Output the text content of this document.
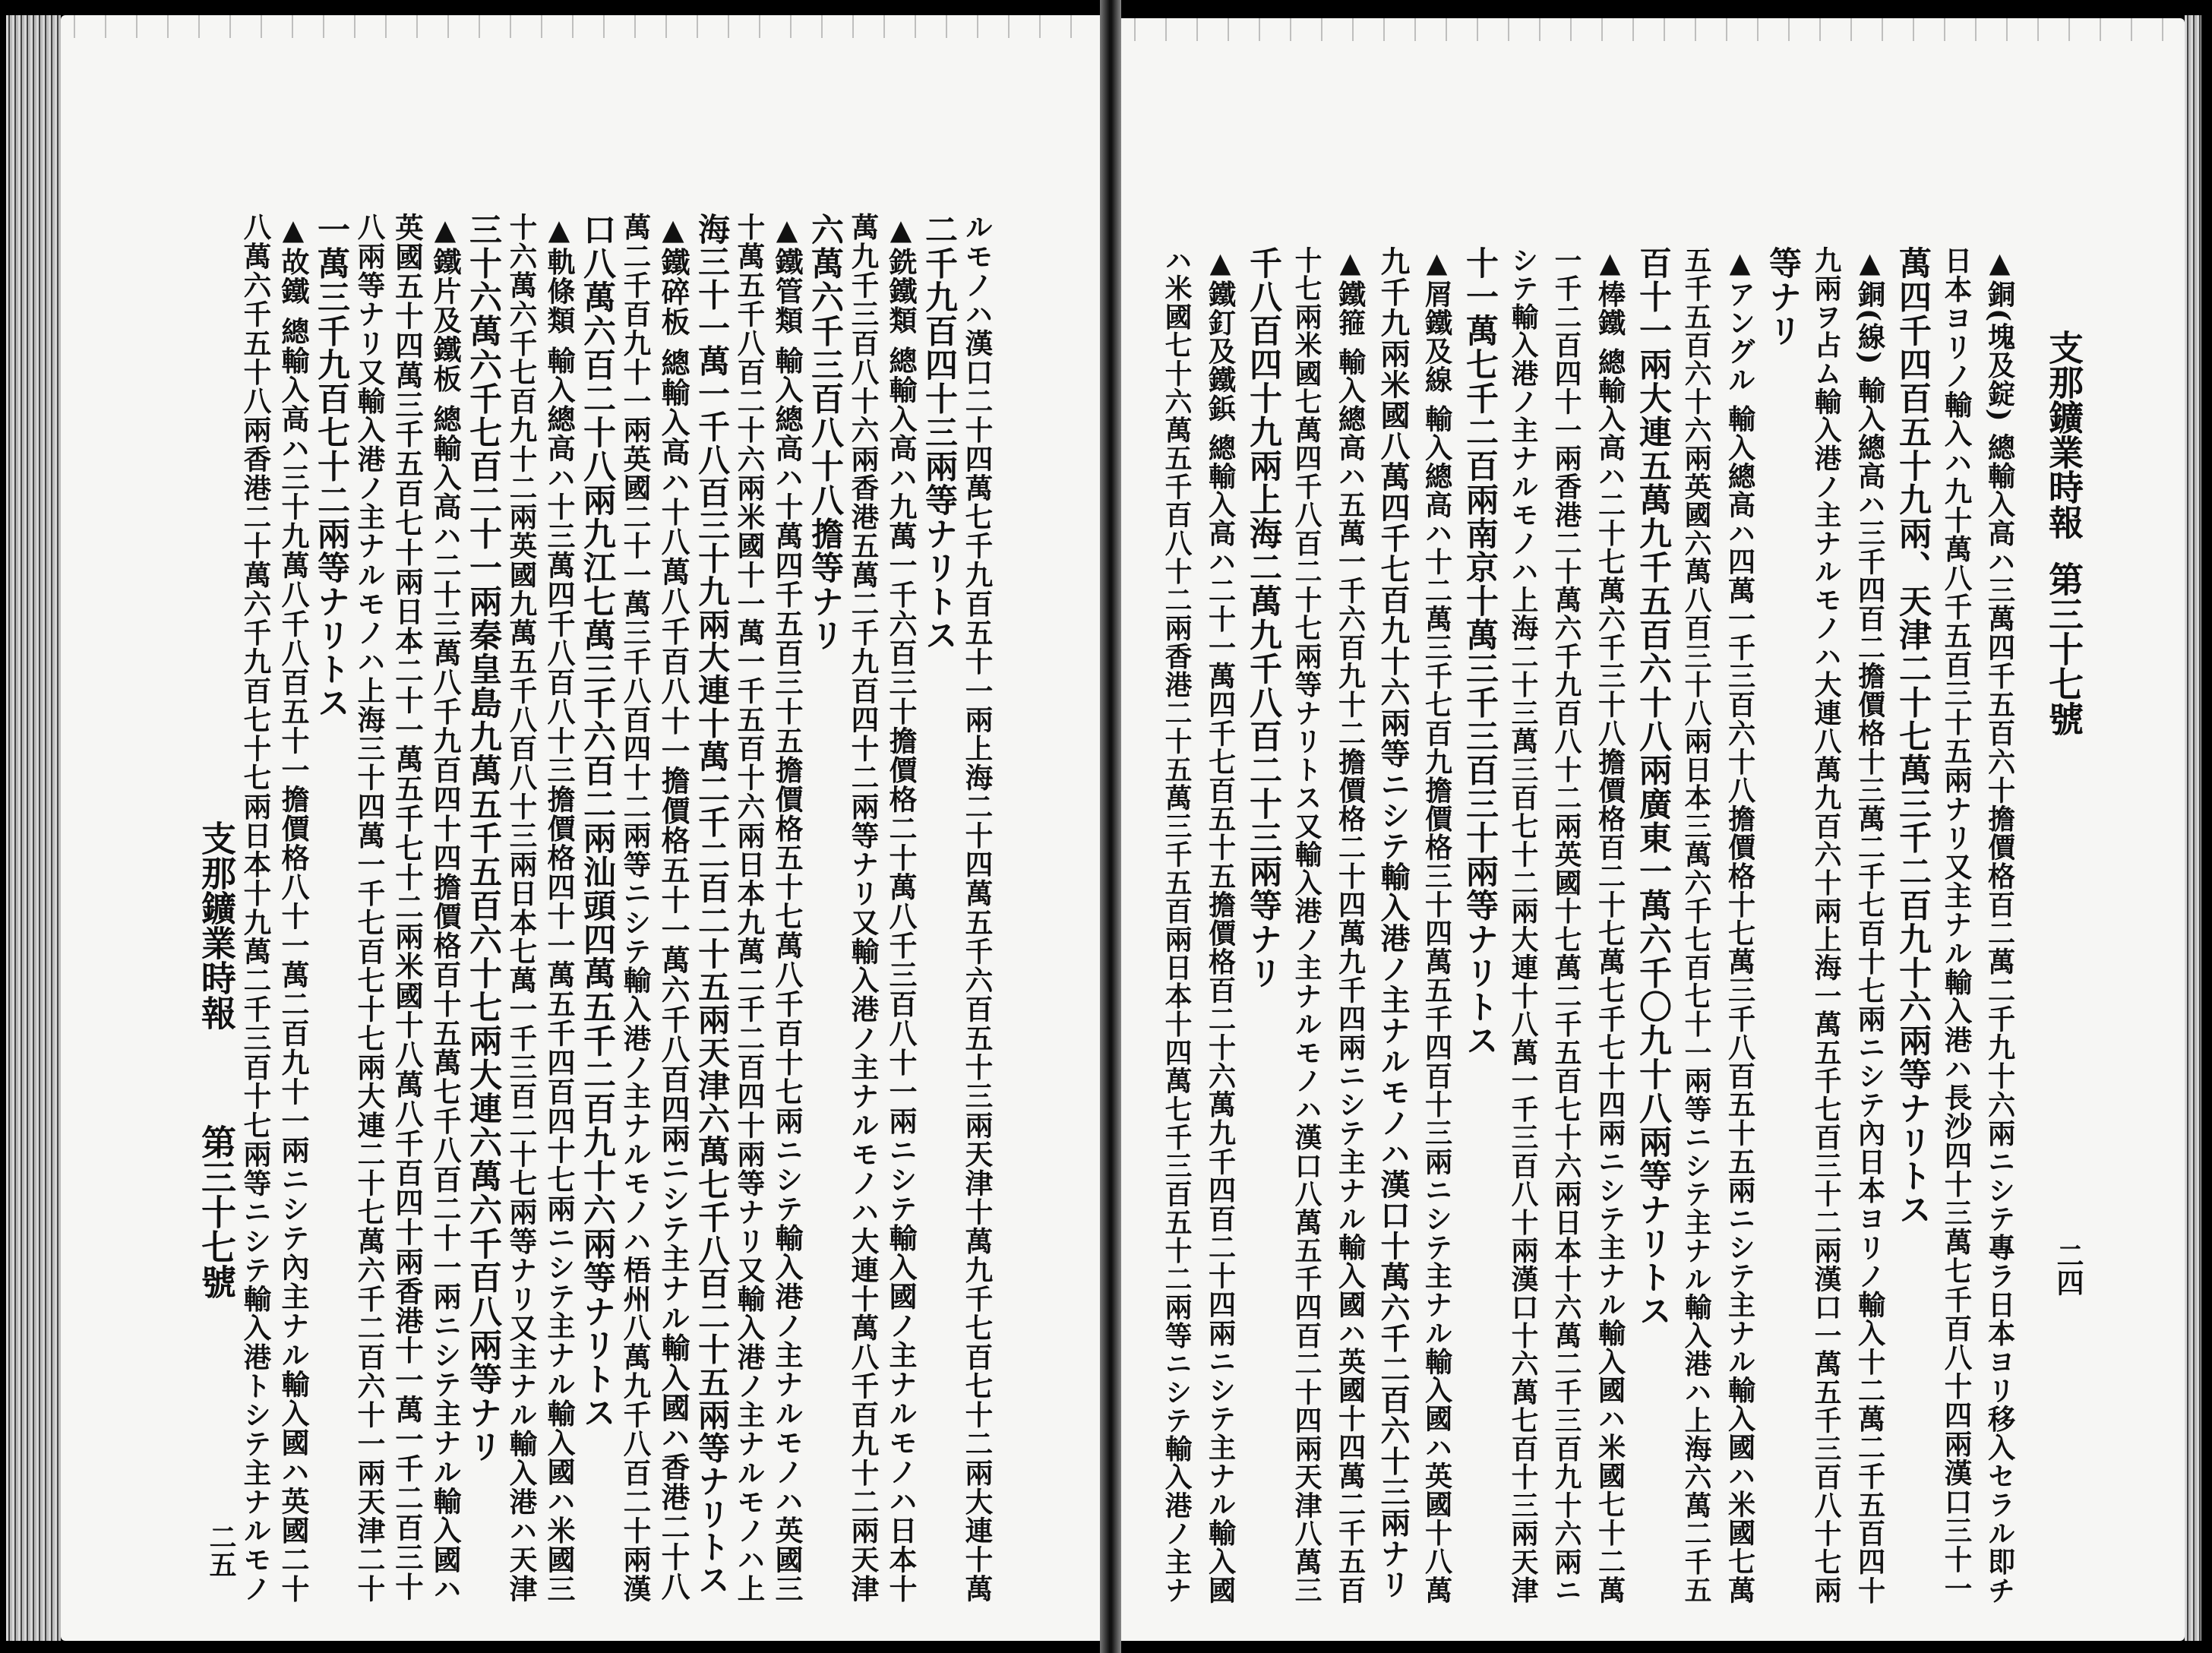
ルモノハ漢口二十四萬七千九百五十一兩上海二十四萬五千六百五十三兩天津十萬九千七百七十二兩大連十萬
二千九百四十三兩等ナリトス
▲銑鐵類 總輸入高ハ九萬一千六百三十擔價格二十萬八千三百八十一兩ニシテ輸入國ノ主ナルモノハ日本十
萬九千三百八十六兩香港五萬二千九百四十二兩等ナリ又輸入港ノ主ナルモノハ大連十萬八千百九十二兩天津
六萬六千三百八十八擔等ナリ
▲鐵管類 輸入總高ハ十萬四千五百三十五擔價格五十七萬八千百十七兩ニシテ輸入港ノ主ナルモノハ英國三
十萬五千八百二十六兩米國十一萬一千五百十六兩日本九萬二千二百四十兩等ナリ又輸入港ノ主ナルモノハ上
海三十一萬一千八百三十九兩大連十萬二千二百二十五兩天津六萬七千八百二十五兩等ナリトス
▲鐵碎板 總輸入高ハ十八萬八千百八十一擔價格五十一萬六千八百四兩ニシテ主ナル輸入國ハ香港二十八
萬二千百九十一兩英國二十一萬三千八百四十二兩等ニシテ輸入港ノ主ナルモノハ梧州八萬九千八百二十兩漢
口八萬六百二十八兩九江七萬三千六百二兩汕頭四萬五千二百九十六兩等ナリトス
▲軌條類 輸入總高ハ十三萬四千八百八十三擔價格四十一萬五千四百四十七兩ニシテ主ナル輸入國ハ米國三
十六萬六千七百九十二兩英國九萬五千八百八十三兩日本七萬一千三百二十七兩等ナリ又主ナル輸入港ハ天津
三十六萬六千七百二十一兩秦皇島九萬五千五百六十七兩大連六萬六千百八兩等ナリ
▲鐵片及鐵板 總輸入高ハ二十三萬八千九百四十四擔價格百十五萬七千八百二十一兩ニシテ主ナル輸入國ハ
英國五十四萬三千五百七十兩日本二十一萬五千七十二兩米國十八萬八千百四十兩香港十一萬一千二百三十
八兩等ナリ又輸入港ノ主ナルモノハ上海三十四萬一千七百七十七兩大連二十七萬六千二百六十一兩天津二十
一萬三千九百七十二兩等ナリトス
▲故鐵 總輸入高ハ三十九萬八千八百五十一擔價格八十一萬二百九十一兩ニシテ內主ナル輸入國ハ英國二十
八萬六千五十八兩香港二十萬六千九百七十七兩日本十九萬二千三百十七兩等ニシテ輸入港トシテ主ナルモノ
支那鑛業時報
第三十七號
二五
支那鑛業時報
第三十七號
二四
▲銅(塊及錠) 總輸入高ハ三萬四千五百六十擔價格百二萬二千九十六兩ニシテ專ラ日本ヨリ移入セラル即チ
日本ヨリノ輸入ハ九十萬八千五百三十五兩ナリ又主ナル輸入港ハ長沙四十三萬七千百八十四兩漢口三十一
萬四千四百五十九兩、天津二十七萬三千二百九十六兩等ナリトス
▲銅(線) 輸入總高ハ三千四百二擔價格十三萬二千七百十七兩ニシテ內日本ヨリノ輸入十二萬二千五百四十
九兩ヲ占ム輸入港ノ主ナルモノハ大連八萬九百六十兩上海一萬五千七百三十二兩漢口一萬五千三百八十七兩
等ナリ
▲アングル 輸入總高ハ四萬一千三百六十八擔價格十七萬三千八百五十五兩ニシテ主ナル輸入國ハ米國七萬
五千五百六十六兩英國六萬八百三十八兩日本三萬六千七百七十一兩等ニシテ主ナル輸入港ハ上海六萬二千五
百十一兩大連五萬九千五百六十八兩廣東一萬六千〇九十八兩等ナリトス
▲棒鐵 總輸入高ハ二十七萬六千三十八擔價格百二十七萬七千七十四兩ニシテ主ナル輸入國ハ米國七十二萬
一千二百四十一兩香港二十萬六千九百八十二兩英國十七萬二千五百七十六兩日本十六萬二千三百九十六兩ニ
シテ輸入港ノ主ナルモノハ上海二十三萬三百七十二兩大連十八萬一千三百八十兩漢口十六萬七百十三兩天津
十一萬七千二百兩南京十萬三千三百三十兩等ナリトス
▲屑鐵及線 輸入總高ハ十二萬三千七百九擔價格三十四萬五千四百十三兩ニシテ主ナル輸入國ハ英國十八萬
九千九兩米國八萬四千七百九十六兩等ニシテ輸入港ノ主ナルモノハ漢口十萬六千二百六十三兩ナリ
▲鐵箍 輸入總高ハ五萬一千六百九十二擔價格二十四萬九千四兩ニシテ主ナル輸入國ハ英國十四萬二千五百
十七兩米國七萬四千八百二十七兩等ナリトス又輸入港ノ主ナルモノハ漢口八萬五千四百二十四兩天津八萬三
千八百四十九兩上海二萬九千八百二十三兩等ナリ
▲鐵釘及鐵鋲 總輸入高ハ二十一萬四千七百五十五擔價格百二十六萬九千四百二十四兩ニシテ主ナル輸入國
ハ米國七十六萬五千百八十二兩香港二十五萬三千五百兩日本十四萬七千三百五十二兩等ニシテ輸入港ノ主ナ
